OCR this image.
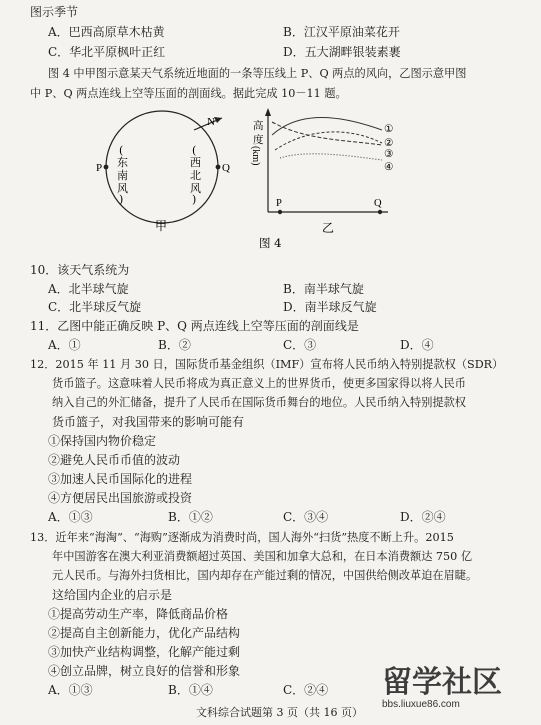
图示季节
A．巴西高原草木枯黄	B．江汉平原油菜花开
C．华北平原枫叶正红	D．五大湖畔银装素裹
图 4 中甲图示意某天气系统近地面的一条等压线上 P、Q 两点的风向，乙图示意甲图
中 P、Q 两点连线上空等压面的剖面线。据此完成 10－11 题。
P	Q
(
东
南
风
)
(
西
北
风
)
N
甲
高
度
(km)
P	Q
①
②
③
④
乙
图 4
10．该天气系统为
A．北半球气旋	B．南半球气旋
C．北半球反气旋	D．南半球反气旋
11．乙图中能正确反映 P、Q 两点连线上空等压面的剖面线是
A．①	B．②	C．③	D．④
12．2015 年 11 月 30 日，国际货币基金组织（IMF）宣布将人民币纳入特别提款权（SDR）
货币篮子。这意味着人民币将成为真正意义上的世界货币，使更多国家得以将人民币
纳入自己的外汇储备，提升了人民币在国际货币舞台的地位。人民币纳入特别提款权
货币篮子，对我国带来的影响可能有
①保持国内物价稳定
②避免人民币币值的波动
③加速人民币国际化的进程
④方便居民出国旅游或投资
A．①③	B．①②	C．③④	D．②④
13．近年来“海淘”、“海购”逐渐成为消费时尚，国人海外“扫货”热度不断上升。2015
年中国游客在澳大利亚消费额超过英国、美国和加拿大总和，在日本消费额达 750 亿
元人民币。与海外扫货相比，国内却存在产能过剩的情况，中国供给侧改革迫在眉睫。
这给国内企业的启示是
①提高劳动生产率，降低商品价格
②提高自主创新能力，优化产品结构
③加快产业结构调整，化解产能过剩
④创立品牌，树立良好的信誉和形象
A．①③	B．①④	C．②④
文科综合试题第 3 页（共 16 页）
留学社区
bbs.liuxue86.com
